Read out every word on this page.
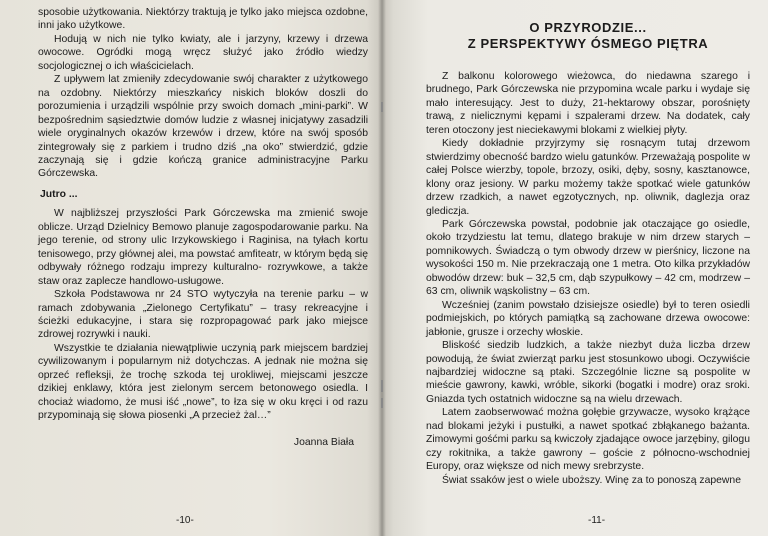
sposobie użytkowania. Niektórzy traktują je tylko jako miejsca ozdobne, inni jako użytkowe.

Hodują w nich nie tylko kwiaty, ale i jarzyny, krzewy i drzewa owocowe. Ogródki mogą wręcz służyć jako źródło wiedzy socjologicznej o ich właścicielach.

Z upływem lat zmieniły zdecydowanie swój charakter z użytkowego na ozdobny. Niektórzy mieszkańcy niskich bloków doszli do porozumienia i urządzili wspólnie przy swoich domach „mini-parki”. W bezpośrednim sąsiedztwie domów ludzie z własnej inicjatywy zasadzili wiele oryginalnych okazów krzewów i drzew, które na swój sposób zintegrowały się z parkiem i trudno dziś „na oko” stwierdzić, gdzie zaczynają się i gdzie kończą granice administracyjne Parku Górczewska.

Jutro ...

W najbliższej przyszłości Park Górczewska ma zmienić swoje oblicze. Urząd Dzielnicy Bemowo planuje zagospodarowanie parku. Na jego terenie, od strony ulic Irzykowskiego i Raginisa, na tyłach kortu tenisowego, przy głównej alei, ma powstać amfiteatr, w którym będą się odbywały różnego rodzaju imprezy kulturalno- rozrywkowe, a także staw oraz zaplecze handlowo-usługowe.

Szkoła Podstawowa nr 24 STO wytyczyła na terenie parku – w ramach zdobywania „Zielonego Certyfikatu” – trasy rekreacyjne i ścieżki edukacyjne, i stara się rozpropagować park jako miejsce zdrowej rozrywki i nauki.

Wszystkie te działania niewątpliwie uczynią park miejscem bardziej cywilizowanym i popularnym niż dotychczas. A jednak nie można się oprzeć refleksji, że trochę szkoda tej urokliwej, miejscami jeszcze dzikiej enklawy, która jest zielonym sercem betonowego osiedla. I chociaż wiadomo, że musi iść „nowe”, to łza się w oku kręci i od razu przypominają się słowa piosenki „A przecież żal…”

Joanna Biała
-10-
O PRZYRODZIE...
Z PERSPEKTYWY ÓSMEGO PIĘTRA

Z balkonu kolorowego wieżowca, do niedawna szarego i brudnego, Park Górczewska nie przypomina wcale parku i wydaje się mało interesujący. Jest to duży, 21-hektarowy obszar, porośnięty trawą, z nielicznymi kępami i szpalerami drzew. Na dodatek, cały teren otoczony jest nieciekawymi blokami z wielkiej płyty.

Kiedy dokładnie przyjrzymy się rosnącym tutaj drzewom stwierdzimy obecność bardzo wielu gatunków. Przeważają pospolite w całej Polsce wierzby, topole, brzozy, osiki, dęby, sosny, kasztanowce, klony oraz jesiony. W parku możemy także spotkać wiele gatunków drzew rzadkich, a nawet egzotycznych, np. oliwnik, daglezja oraz glediczja.

Park Górczewska powstał, podobnie jak otaczające go osiedle, około trzydziestu lat temu, dlatego brakuje w nim drzew starych – pomnikowych. Świadczą o tym obwody drzew w pierśnicy, liczone na wysokości 150 m. Nie przekraczają one 1 metra. Oto kilka przykładów obwodów drzew: buk – 32,5 cm, dąb szypułkowy – 42 cm, modrzew – 63 cm, oliwnik wąskolistny – 63 cm.

Wcześniej (zanim powstało dzisiejsze osiedle) był to teren osiedli podmiejskich, po których pamiątką są zachowane drzewa owocowe: jabłonie, grusze i orzechy włoskie.

Bliskość siedzib ludzkich, a także niezbyt duża liczba drzew powodują, że świat zwierząt parku jest stosunkowo ubogi. Oczywiście najbardziej widoczne są ptaki. Szczególnie liczne są pospolite w mieście gawrony, kawki, wróble, sikorki (bogatki i modre) oraz sroki. Gniazda tych ostatnich widoczne są na wielu drzewach.

Latem zaobserwować można gołębie grzywacze, wysoko krążące nad blokami jeżyki i pustułki, a nawet spotkać zbłąkanego bażanta. Zimowymi gośćmi parku są kwiczoły zjadające owoce jarzębiny, gilogu czy rokitnika, a także gawrony – goście z północno-wschodniej Europy, oraz większe od nich mewy srebrzyste.

Świat ssaków jest o wiele uboższy. Winę za to ponoszą zapewne

-11-
